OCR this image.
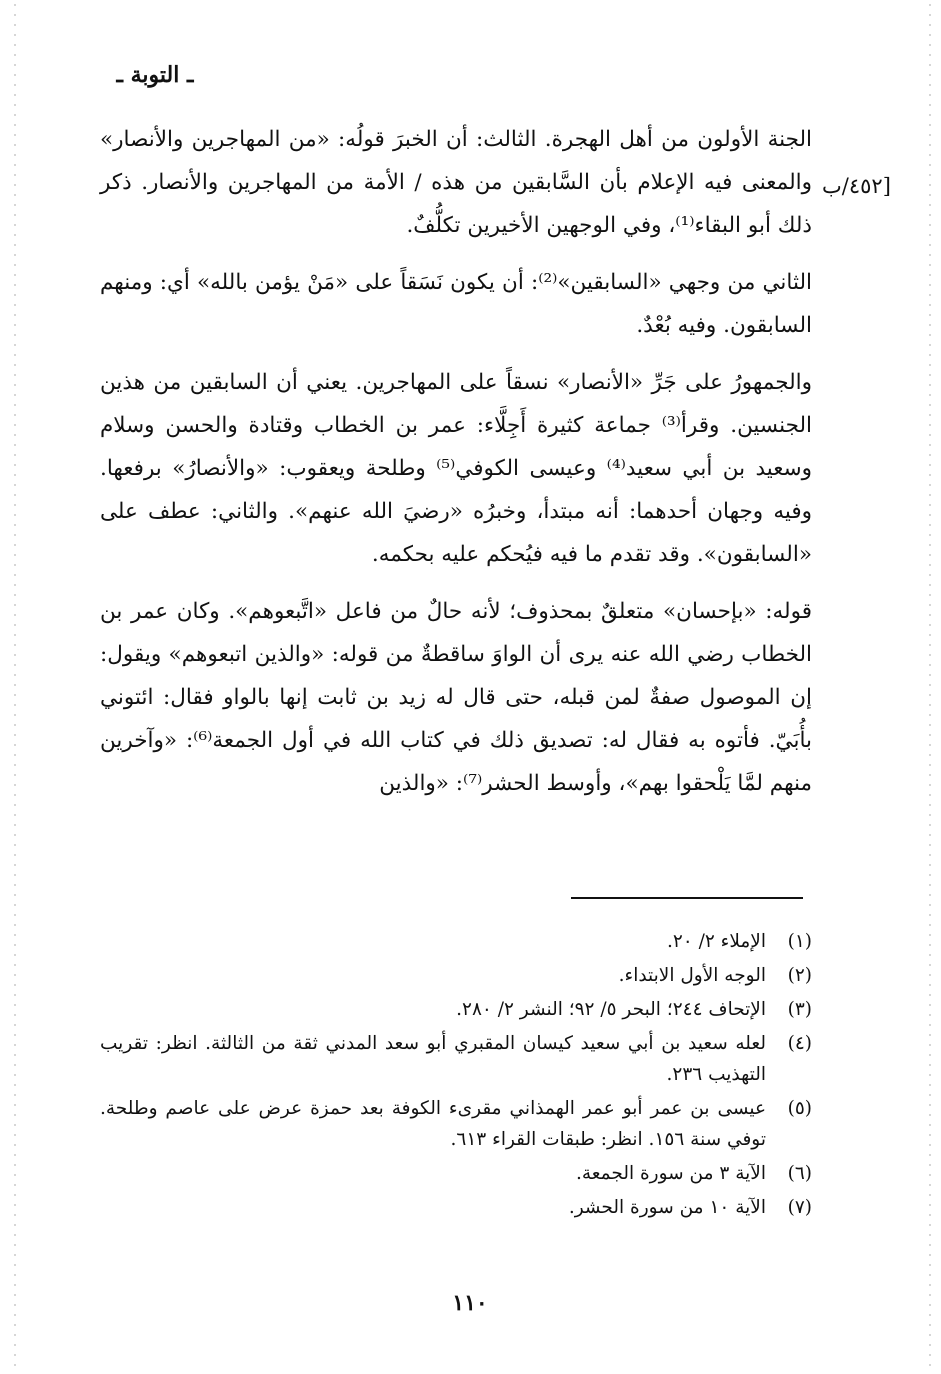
ـ التوبة ـ
٤٥٢/ب]

الجنة الأولون من أهل الهجرة. الثالث: أن الخبرَ قولُه: «من المهاجرين والأنصار» والمعنى فيه الإعلام بأن السَّابقين من هذه / الأمة من المهاجرين والأنصار. ذكر ذلك أبو البقاء⁽¹⁾، وفي الوجهين الأخيرين تكلُّفٌ.

الثاني من وجهي «السابقين»⁽²⁾: أن يكون نَسَقاً على «مَنْ يؤمن بالله» أي: ومنهم السابقون. وفيه بُعْدٌ.

والجمهورُ على جَرِّ «الأنصار» نسقاً على المهاجرين. يعني أن السابقين من هذين الجنسين. وقرأ⁽³⁾ جماعة كثيرة أَجِلَّاء: عمر بن الخطاب وقتادة والحسن وسلام وسعيد بن أبي سعيد⁽⁴⁾ وعيسى الكوفي⁽⁵⁾ وطلحة ويعقوب: «والأنصارُ» برفعها. وفيه وجهان أحدهما: أنه مبتدأ، وخبرُه «رضيَ الله عنهم». والثاني: عطف على «السابقون». وقد تقدم ما فيه فيُحكم عليه بحكمه.

قوله: «بإحسان» متعلقٌ بمحذوف؛ لأنه حالٌ من فاعل «اتَّبعوهم». وكان عمر بن الخطاب رضي الله عنه يرى أن الواوَ ساقطةٌ من قوله: «والذين اتبعوهم» ويقول: إن الموصول صفةٌ لمن قبله، حتى قال له زيد بن ثابت إنها بالواو فقال: ائتوني بأُبَيّ. فأتوه به فقال له: تصديق ذلك في كتاب الله في أول الجمعة⁽⁶⁾: «وآخرين منهم لمَّا يَلْحقوا بهم»، وأوسط الحشر⁽⁷⁾: «والذين

(١)
الإملاء ٢/ ٢٠.
(٢)
الوجه الأول الابتداء.
(٣)
الإتحاف ٢٤٤؛ البحر ٥/ ٩٢؛ النشر ٢/ ٢٨٠.
(٤)
لعله سعيد بن أبي سعيد كيسان المقبري أبو سعد المدني ثقة من الثالثة. انظر: تقريب التهذيب ٢٣٦.
(٥)
عيسى بن عمر أبو عمر الهمذاني مقرىء الكوفة بعد حمزة عرض على عاصم وطلحة. توفي سنة ١٥٦. انظر: طبقات القراء ٦١٣.
(٦)
الآية ٣ من سورة الجمعة.
(٧)
الآية ١٠ من سورة الحشر.
١١٠
